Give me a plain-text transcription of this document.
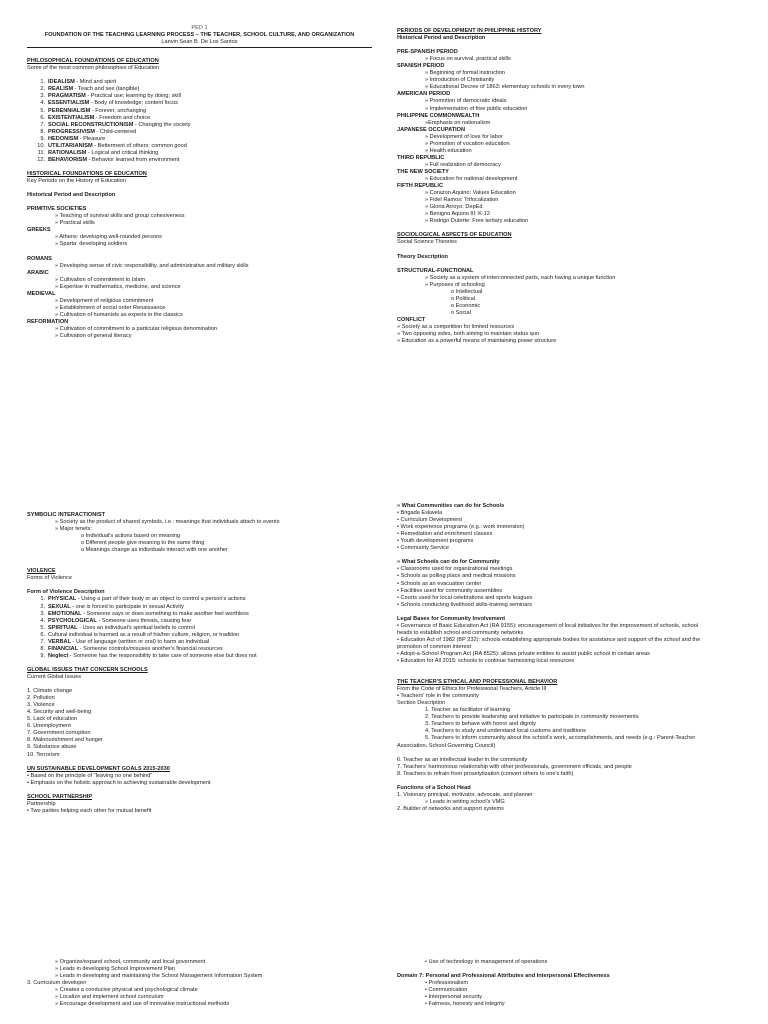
PED 1
FOUNDATION OF THE TEACHING LEARNING PROCESS – THE TEACHER, SCHOOL CULTURE, AND ORGANIZATION
Lanvin Sean B. De Los Santos
PHILOSOPHICAL FOUNDATIONS OF EDUCATION
Some of the most common philosophies of Education
1. IDEALISM - Mind and spirit
2. REALISM - Teach and see (tangible)
3. PRAGMATISM - Practical use; learning by doing; skill
4. ESSENTIALISM - Body of knowledge; content focus
5. PERENNIALISM - Forever, unchanging
6. EXISTENTIALISM - Freedom and choice
7. SOCIAL RECONSTRUCTIONISM - Changing the society
8. PROGRESSIVISM - Child-centered
9. HEDONISM - Pleasure
10. UTILITARIANISM - Betterment of others; common good
11. RATIONALISM - Logical and critical thinking
12. BEHAVIORISM - Behavior learned from environment
HISTORICAL FOUNDATIONS OF EDUCATION
Key Periods on the History of Education
Historical Period and Description
PRIMITIVE SOCIETIES
» Teaching of survival skills and group cohesiveness
» Practical skills
GREEKS
» Athens: developing well-rounded persons
» Sparta: developing soldiers
ROMANS
» Developing sense of civic responsibility, and administrative and military skills
ARABIC
» Cultivation of commitment to Islam
» Expertise in mathematics, medicine, and science
MEDIEVAL
» Development of religious commitment
» Establishment of social order Renaissance
» Cultivation of humanists as experts in the classics
REFORMATION
» Cultivation of commitment to a particular religious denomination
» Cultivation of general literacy
PERIODS OF DEVELOPMENT IN PHILIPPINE HISTORY
Historical Period and Description
PRE-SPANISH PERIOD
» Focus on survival, practical skills
SPANISH PERIOD
» Beginning of formal instruction
» Introduction of Christianity
» Educational Decree of 1863: elementary schools in every town
AMERICAN PERIOD
» Promotion of democratic ideals
» Implementation of free public education
PHILIPPINE COMMONWEALTH
»Emphasis on nationalism
JAPANESE OCCUPATION
» Development of love for labor
» Promotion of vocation education
» Health education
THIRD REPUBLIC
» Full realization of democracy
THE NEW SOCIETY
» Education for national development
FIFTH REPUBLIC
» Corazon Aquino: Values Education
» Fidel Ramos: Trifocalization
» Gloria Arroyo: DepEd
» Benigno Aquino III: K-12
» Rodrigo Duterte: Free tertiary education
SOCIOLOGICAL ASPECTS OF EDUCATION
Social Science Theories
Theory Description
STRUCTURAL-FUNCTIONAL
» Society as a system of interconnected parts, each having a unique function
» Purposes of schooling
o Intellectual
o Political
o Economic
o Social
CONFLICT
» Society as a competition for limited resources
» Two opposing sides, both aiming to maintain status quo
» Education as a powerful means of maintaining power structure
SYMBOLIC INTERACTIONIST
» Society as the product of shared symbols, i.e.: meanings that individuals attach to events
» Major tenets:
o Individual's actions based on meaning
o Different people give meaning to the same thing
o Meanings change as individuals interact with one another
VIOLENCE
Forms of Violence
Form of Violence Description
1. PHYSICAL - Using a part of their body or an object to control a person's actions
2. SEXUAL - one is forced to participate in sexual Activity
3. EMOTIONAL - Someone says or does something to make another feel worthless
4. PSYCHOLOGICAL - Someone uses threats, causing fear
5. SPIRITUAL - Uses an individual's spiritual beliefs to control
6. Cultural individual is harmed as a result of his/her culture, religion, or tradition
7. VERBAL - Use of language (written or oral) to harm an individual
8. FINANCIAL - Someone controls/misuses another's financial resources
9. Neglect - Someone has the responsibility to take care of someone else but does not
GLOBAL ISSUES THAT CONCERN SCHOOLS
Current Global Issues
1. Climate change
2. Pollution
3. Violence
4. Security and well-being
5. Lack of education
6. Unemployment
7. Government corruption
8. Malnourishment and hunger
9. Substance abuse
10. Terrorism
UN SUSTAINABLE DEVELOPMENT GOALS 2015-2030
• Based on the principle of "leaving no one behind"
• Emphasis on the holistic approach to achieving sustainable development
SCHOOL PARTNERSHIP
Partnership
• Two parties helping each other for mutual benefit
» What Communities can do for Schools
• Brigada Eskwela
• Curriculum Development
• Work experience programs (e.g.: work immersion)
• Remediation and enrichment classes
• Youth development programs
• Community Service
» What Schools can do for Community
• Classrooms used for organizational meetings
• Schools as polling place and medical missions
• Schools as an evacuation center
• Facilities used for community assemblies
• Courts used for local celebrations and sports leagues
• Schools conducting livelihood skills-training seminars
Legal Bases for Community Involvement
• Governance of Basic Education Act (RA 9155): encouragement of local initiatives for the improvement of schools, school
heads to establish school and community networks
• Education Act of 1982 (BP 232): schools establishing appropriate bodies for assistance and support of the school and the
promotion of common interest
• Adopt-a-School Program Act (RA 8525): allows private entities to assist public school in certain areas
• Education for All 2015: schools to continue harnessing local resources
THE TEACHER'S ETHICAL AND PROFESSIONAL BEHAVIOR
From the Code of Ethics for Professional Teachers, Article III
• Teachers' role in the community
Section Description
1. Teacher as facilitator of learning
2. Teachers to provide leadership and initiative to participate in community movements
3. Teachers to behave with honor and dignity
4. Teachers to study and understand local customs and traditions
5. Teachers to inform community about the school's work, accomplishments, and needs (e.g.: Parent-Teacher
Association, School Governing Council)
6. Teacher as an intellectual leader in the community
7. Teachers' harmonious relationship with other professionals, government officials, and people
8. Teachers to refrain from proselytization (convert others to one's faith)
Functions of a School Head
1. Visionary principal, motivator, advocate, and planner
» Leads in setting school's VMG
2. Builder of networks and support systems
» Organize/expand school, community and local government
» Leads in developing School Improvement Plan
» Leads in developing and maintaining the School Management Information System
3. Curriculum developer
» Creates a conducive physical and psychological climate
» Localize and implement school curriculum
» Encourage development and use of innovative instructional methods
• Use of technology in management of operations
Domain 7: Personal and Professional Attributes and Interpersonal Effectiveness
• Professionalism
• Communication
• Interpersonal security
• Fairness, honesty and integrity
